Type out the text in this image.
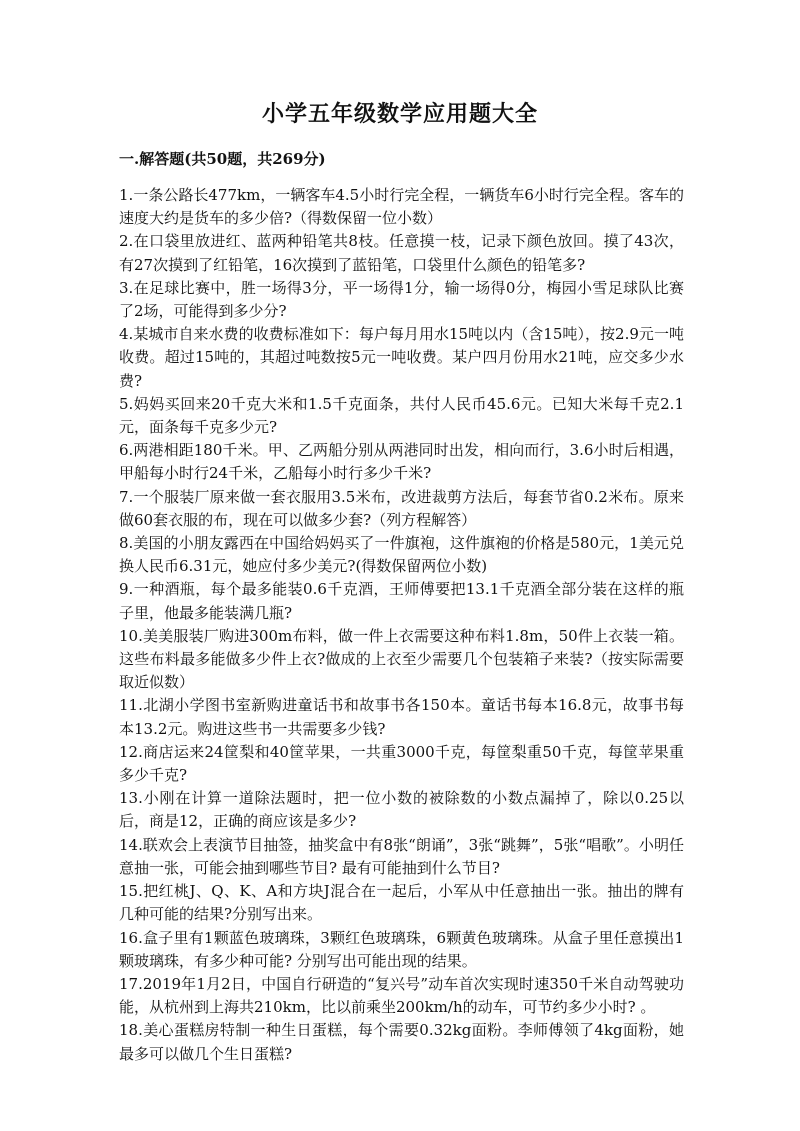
小学五年级数学应用题大全
一.解答题(共50题，共269分)

1.一条公路长477km，一辆客车4.5小时行完全程，一辆货车6小时行完全程。客车的速度大约是货车的多少倍?（得数保留一位小数）

2.在口袋里放进红、蓝两种铅笔共8枝。任意摸一枝，记录下颜色放回。摸了43次，有27次摸到了红铅笔，16次摸到了蓝铅笔，口袋里什么颜色的铅笔多?

3.在足球比赛中，胜一场得3分，平一场得1分，输一场得0分，梅园小雪足球队比赛了2场，可能得到多少分?

4.某城市自来水费的收费标准如下：每户每月用水15吨以内（含15吨），按2.9元一吨收费。超过15吨的，其超过吨数按5元一吨收费。某户四月份用水21吨，应交多少水费?

5.妈妈买回来20千克大米和1.5千克面条，共付人民币45.6元。已知大米每千克2.1元，面条每千克多少元?

6.两港相距180千米。甲、乙两船分别从两港同时出发，相向而行，3.6小时后相遇，甲船每小时行24千米，乙船每小时行多少千米?

7.一个服装厂原来做一套衣服用3.5米布，改进裁剪方法后，每套节省0.2米布。原来做60套衣服的布，现在可以做多少套?（列方程解答）

8.美国的小朋友露西在中国给妈妈买了一件旗袍，这件旗袍的价格是580元，1美元兑换人民币6.31元，她应付多少美元?(得数保留两位小数)

9.一种酒瓶，每个最多能装0.6千克酒，王师傅要把13.1千克酒全部分装在这样的瓶子里，他最多能装满几瓶?

10.美美服装厂购进300m布料，做一件上衣需要这种布料1.8m，50件上衣装一箱。这些布料最多能做多少件上衣?做成的上衣至少需要几个包装箱子来装?（按实际需要取近似数）

11.北湖小学图书室新购进童话书和故事书各150本。童话书每本16.8元，故事书每本13.2元。购进这些书一共需要多少钱?

12.商店运来24筐梨和40筐苹果，一共重3000千克，每筐梨重50千克，每筐苹果重多少千克?

13.小刚在计算一道除法题时，把一位小数的被除数的小数点漏掉了，除以0.25以后，商是12，正确的商应该是多少?

14.联欢会上表演节目抽签，抽奖盒中有8张“朗诵”，3张“跳舞”，5张“唱歌”。小明任意抽一张，可能会抽到哪些节目? 最有可能抽到什么节目?

15.把红桃J、Q、K、A和方块J混合在一起后，小军从中任意抽出一张。抽出的牌有几种可能的结果?分别写出来。

16.盒子里有1颗蓝色玻璃珠，3颗红色玻璃珠，6颗黄色玻璃珠。从盒子里任意摸出1颗玻璃珠，有多少种可能? 分别写出可能出现的结果。

17.2019年1月2日，中国自行研造的“复兴号”动车首次实现时速350千米自动驾驶功能，从杭州到上海共210km，比以前乘坐200km/h的动车，可节约多少小时? 。

18.美心蛋糕房特制一种生日蛋糕，每个需要0.32kg面粉。李师傅领了4kg面粉，她最多可以做几个生日蛋糕?
